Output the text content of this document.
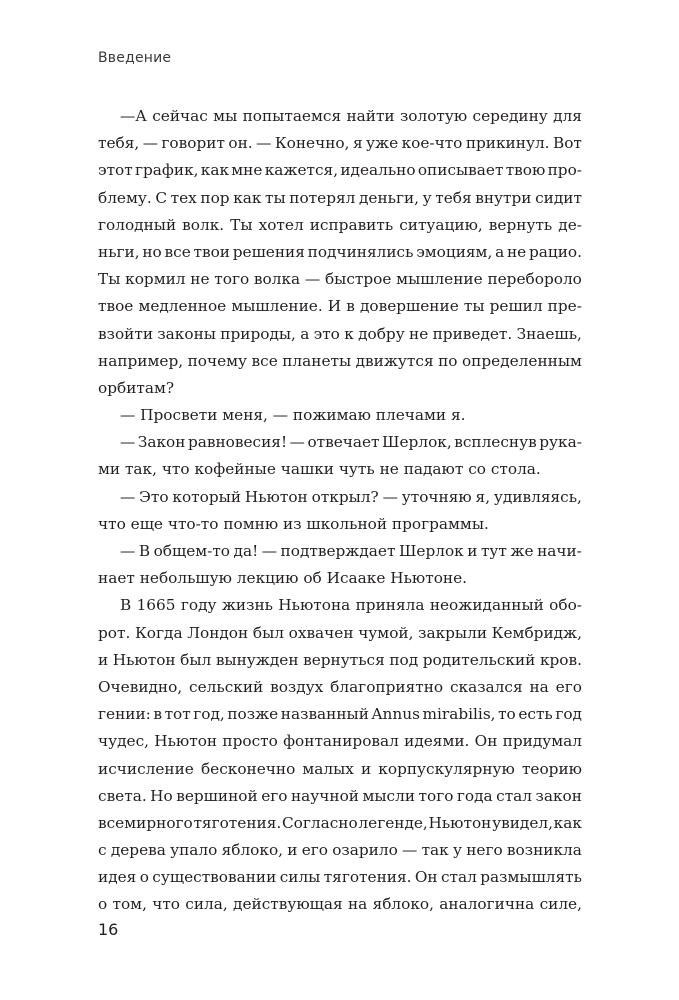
Введение
—А сейчас мы попытаемся найти золотую середину для
тебя, — говорит он. — Конечно, я уже кое-что прикинул. Вот
этот график, как мне кажется, идеально описывает твою про-
блему. С тех пор как ты потерял деньги, у тебя внутри сидит
голодный волк. Ты хотел исправить ситуацию, вернуть де-
ньги, но все твои решения подчинялись эмоциям, а не рацио.
Ты кормил не того волка — быстрое мышление перебороло
твое медленное мышление. И в довершение ты решил пре-
взойти законы природы, а это к добру не приведет. Знаешь,
например, почему все планеты движутся по определенным
орбитам?
— Просвети меня, — пожимаю плечами я.
— Закон равновесия! — отвечает Шерлок, всплеснув рука-
ми так, что кофейные чашки чуть не падают со стола.
— Это который Ньютон открыл? — уточняю я, удивляясь,
что еще что-то помню из школьной программы.
— В общем-то да! — подтверждает Шерлок и тут же начи-
нает небольшую лекцию об Исааке Ньютоне.
В 1665 году жизнь Ньютона приняла неожиданный обо-
рот. Когда Лондон был охвачен чумой, закрыли Кембридж,
и Ньютон был вынужден вернуться под родительский кров.
Очевидно, сельский воздух благоприятно сказался на его
гении: в тот год, позже названный Annus mirabilis, то есть год
чудес, Ньютон просто фонтанировал идеями. Он придумал
исчисление бесконечно малых и корпускулярную теорию
света. Но вершиной его научной мысли того года стал закон
всемирного тяготения. Согласно легенде, Ньютон увидел, как
с дерева упало яблоко, и его озарило — так у него возникла
идея о существовании силы тяготения. Он стал размышлять
о том, что сила, действующая на яблоко, аналогична силе,
16
